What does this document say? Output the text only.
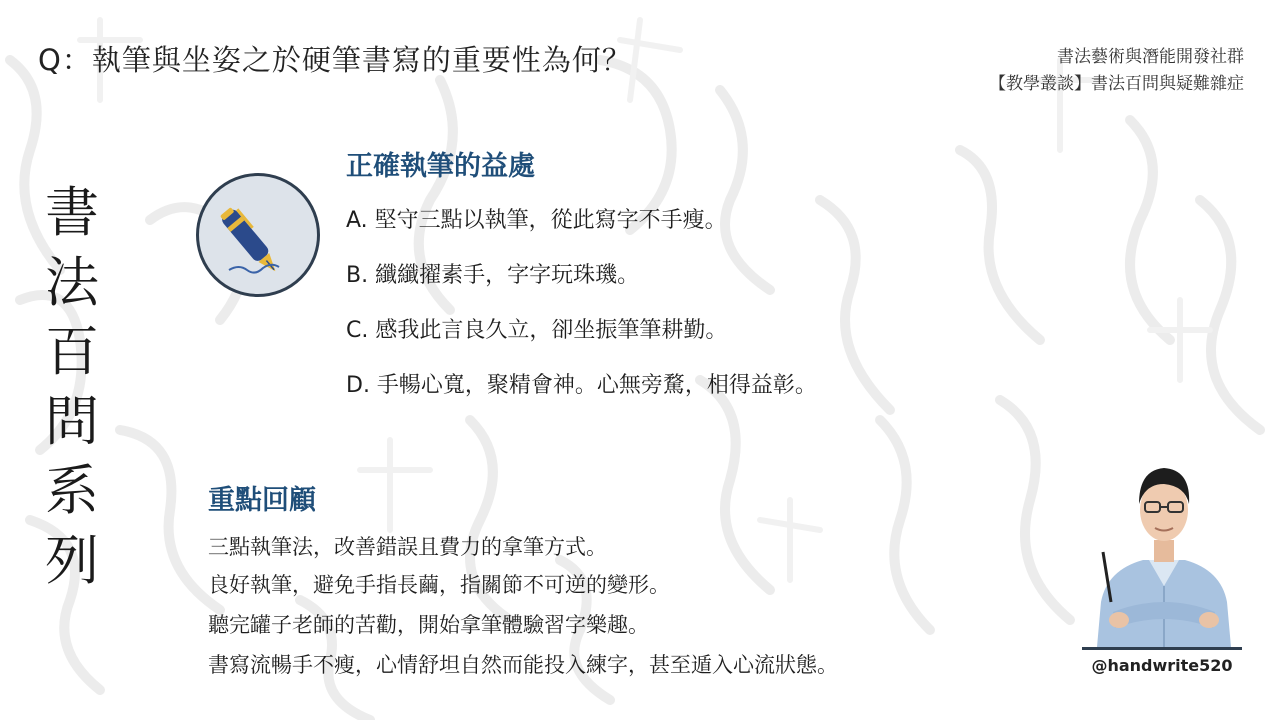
Q：執筆與坐姿之於硬筆書寫的重要性為何？	書法藝術與潛能開發社群
【教學叢談】書法百問與疑難雜症
書
法
百
問
系
列
正確執筆的益處
A. 堅守三點以執筆，從此寫字不手瘦。
B. 纖纖擢素手，字字玩珠璣。
C. 感我此言良久立，卻坐振筆筆耕勤。
D. 手暢心寬，聚精會神。心無旁騖，相得益彰。
重點回顧
三點執筆法，改善錯誤且費力的拿筆方式。
良好執筆，避免手指長繭，指關節不可逆的變形。
聽完罐子老師的苦勸，開始拿筆體驗習字樂趣。
書寫流暢手不瘦，心情舒坦自然而能投入練字，甚至遁入心流狀態。	@handwrite520
